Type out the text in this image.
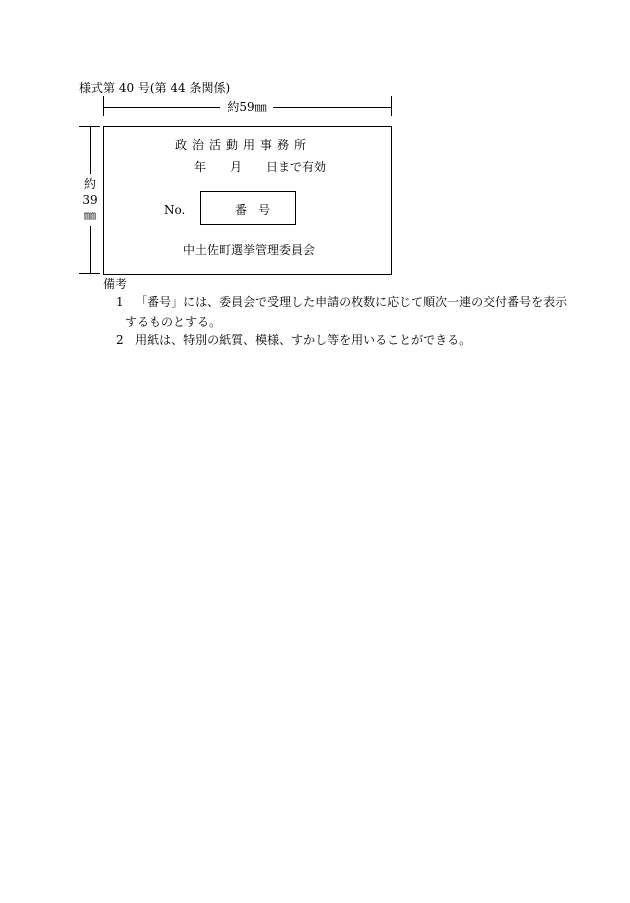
様式第 40 号(第 44 条関係)
約59㎜
約
39
㎜
政治活動用事務所
年　　月　　日まで有効
No.	番号
中土佐町選挙管理委員会
備考
1 「番号」には、委員会で受理した申請の枚数に応じて順次一連の交付番号を表示
するものとする。
2 用紙は、特別の紙質、模様、すかし等を用いることができる。
